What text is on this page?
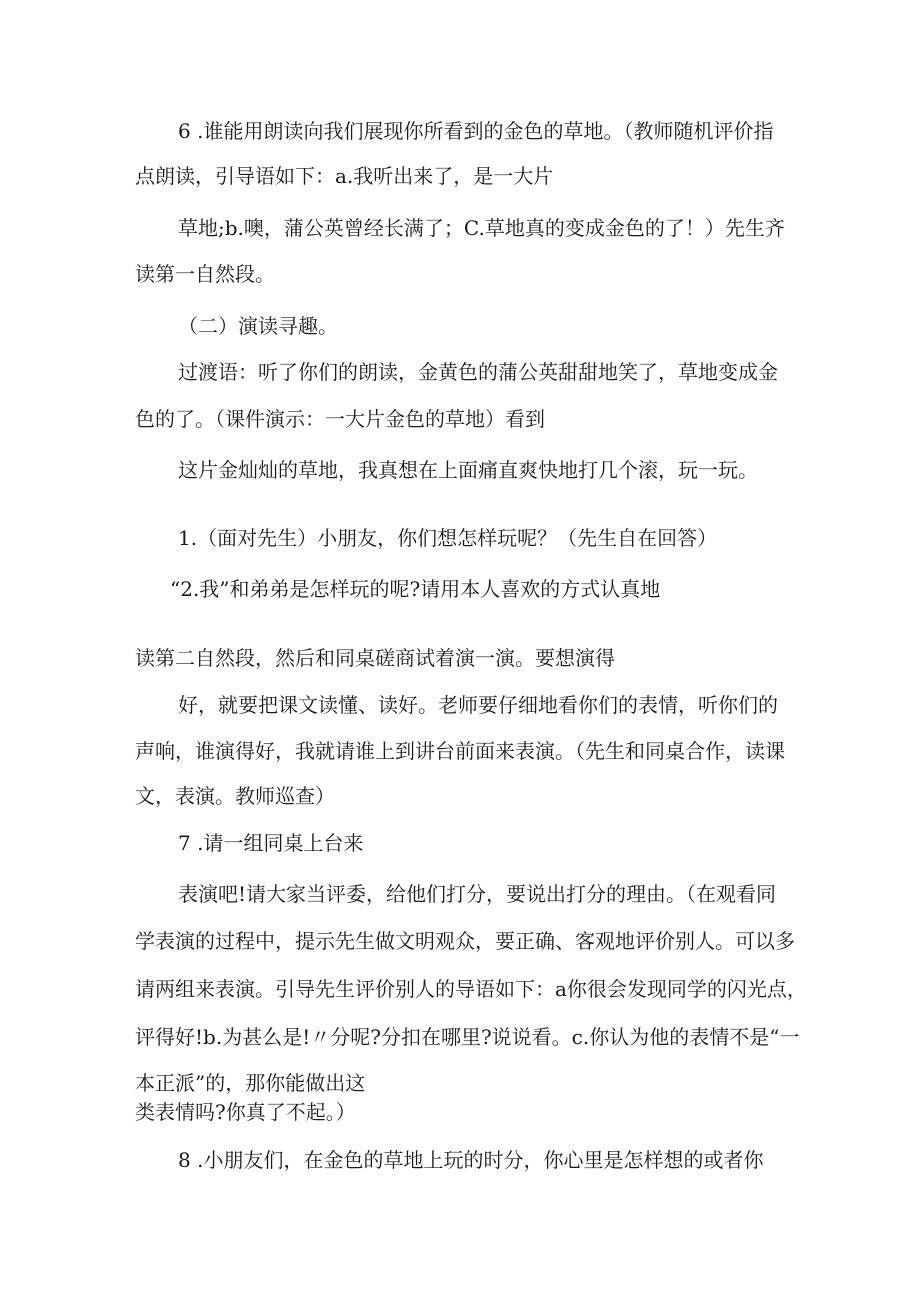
6 .谁能用朗读向我们展现你所看到的金色的草地。（教师随机评价指
点朗读，引导语如下：a.我听出来了，是一大片
草地;b.噢，蒲公英曾经长满了；C.草地真的变成金色的了！）先生齐
读第一自然段。
（二）演读寻趣。
过渡语：听了你们的朗读，金黄色的蒲公英甜甜地笑了，草地变成金
色的了。（课件演示：一大片金色的草地）看到
这片金灿灿的草地，我真想在上面痛直爽快地打几个滚，玩一玩。
1.（面对先生）小朋友，你们想怎样玩呢？（先生自在回答）
“2.我”和弟弟是怎样玩的呢?请用本人喜欢的方式认真地
读第二自然段，然后和同桌磋商试着演一演。要想演得
好，就要把课文读懂、读好。老师要仔细地看你们的表情，听你们的
声响，谁演得好，我就请谁上到讲台前面来表演。（先生和同桌合作，读课
文，表演。教师巡查）
7 .请一组同桌上台来
表演吧!请大家当评委，给他们打分，要说出打分的理由。（在观看同
学表演的过程中，提示先生做文明观众，要正确、客观地评价别人。可以多
请两组来表演。引导先生评价别人的导语如下：a你很会发现同学的闪光点，
评得好!b.为甚么是!〃分呢?分扣在哪里?说说看。c.你认为他的表情不是“一
本正派”的，那你能做出这
类表情吗?你真了不起。）
8 .小朋友们，在金色的草地上玩的时分，你心里是怎样想的或者你
